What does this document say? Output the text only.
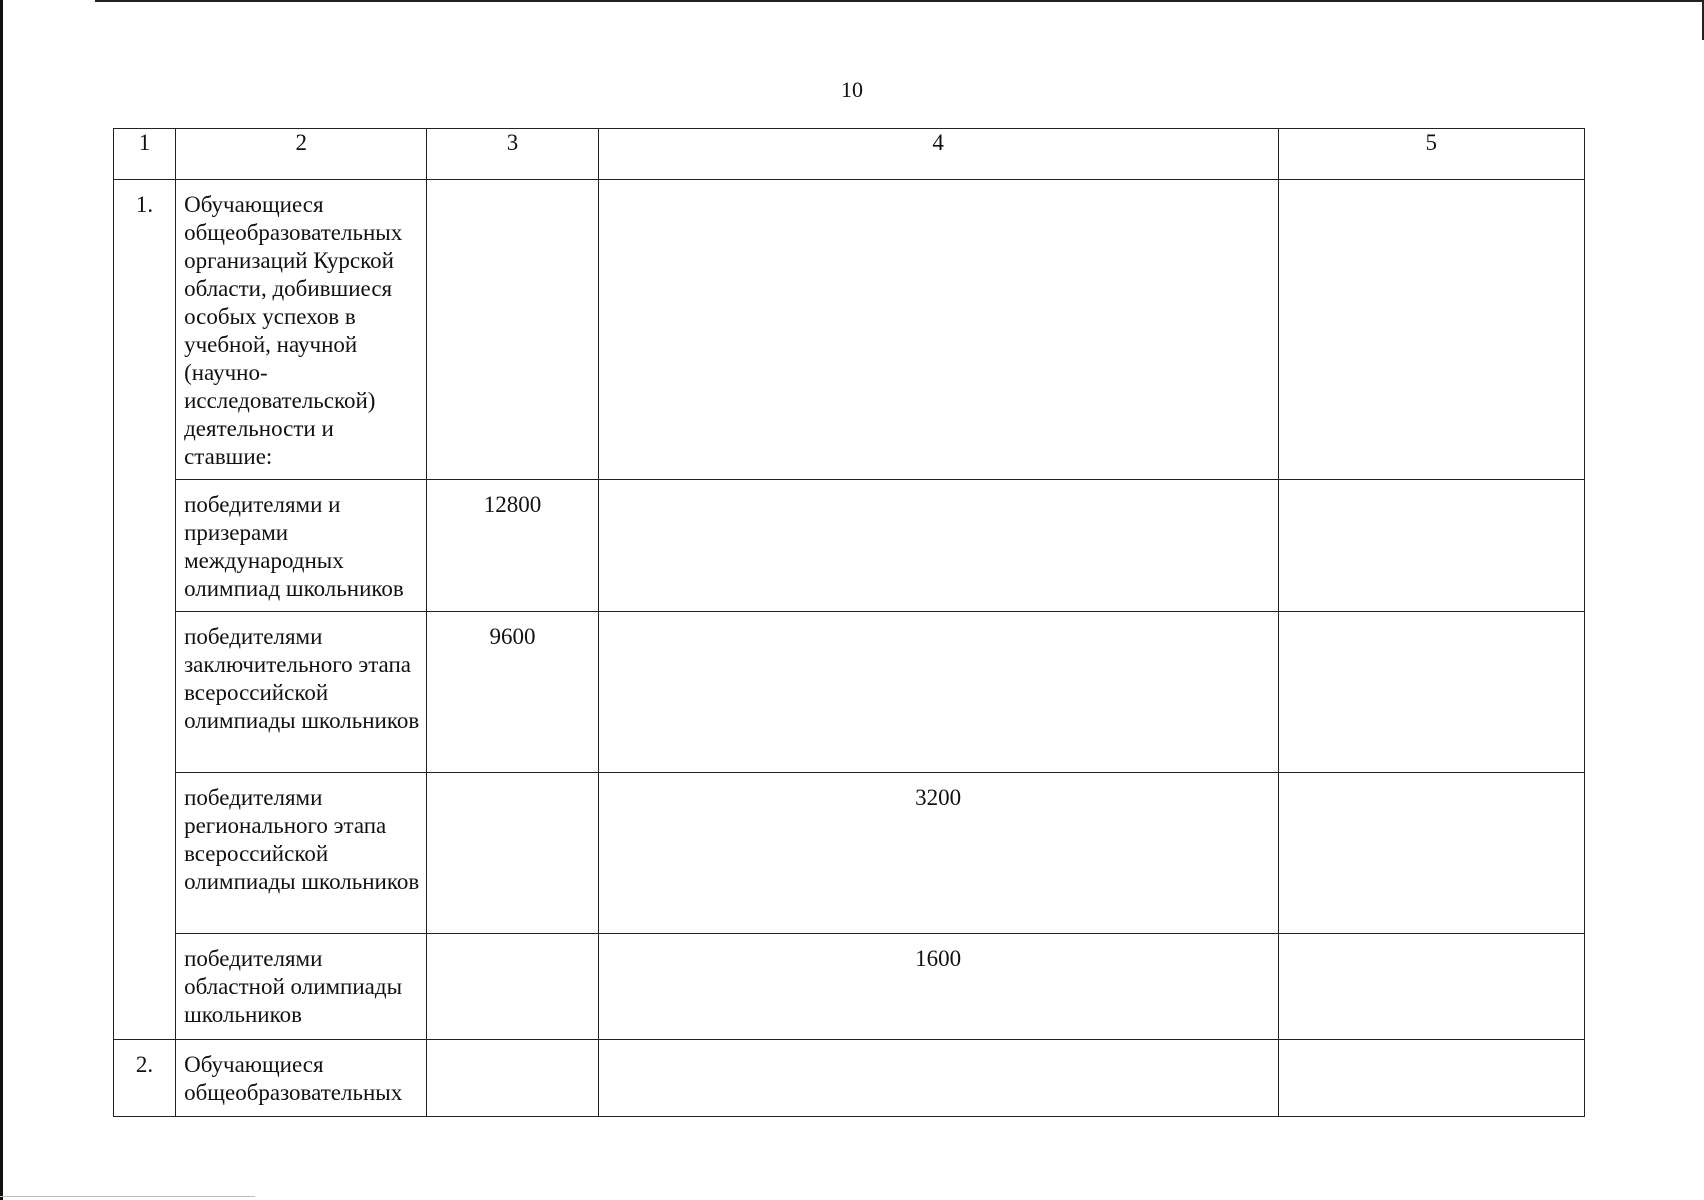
10
1	2	3	4	5
1.	Обучающиеся общеобразовательных организаций Курской области, добившиеся особых успехов в учебной, научной (научно-исследовательской) деятельности и ставшие:			
	победителями и призерами международных олимпиад школьников	12800		
	победителями заключительного этапа всероссийской олимпиады школьников	9600		
	победителями регионального этапа всероссийской олимпиады школьников		3200	
	победителями областной олимпиады школьников		1600	
2.	Обучающиеся общеобразовательных			
